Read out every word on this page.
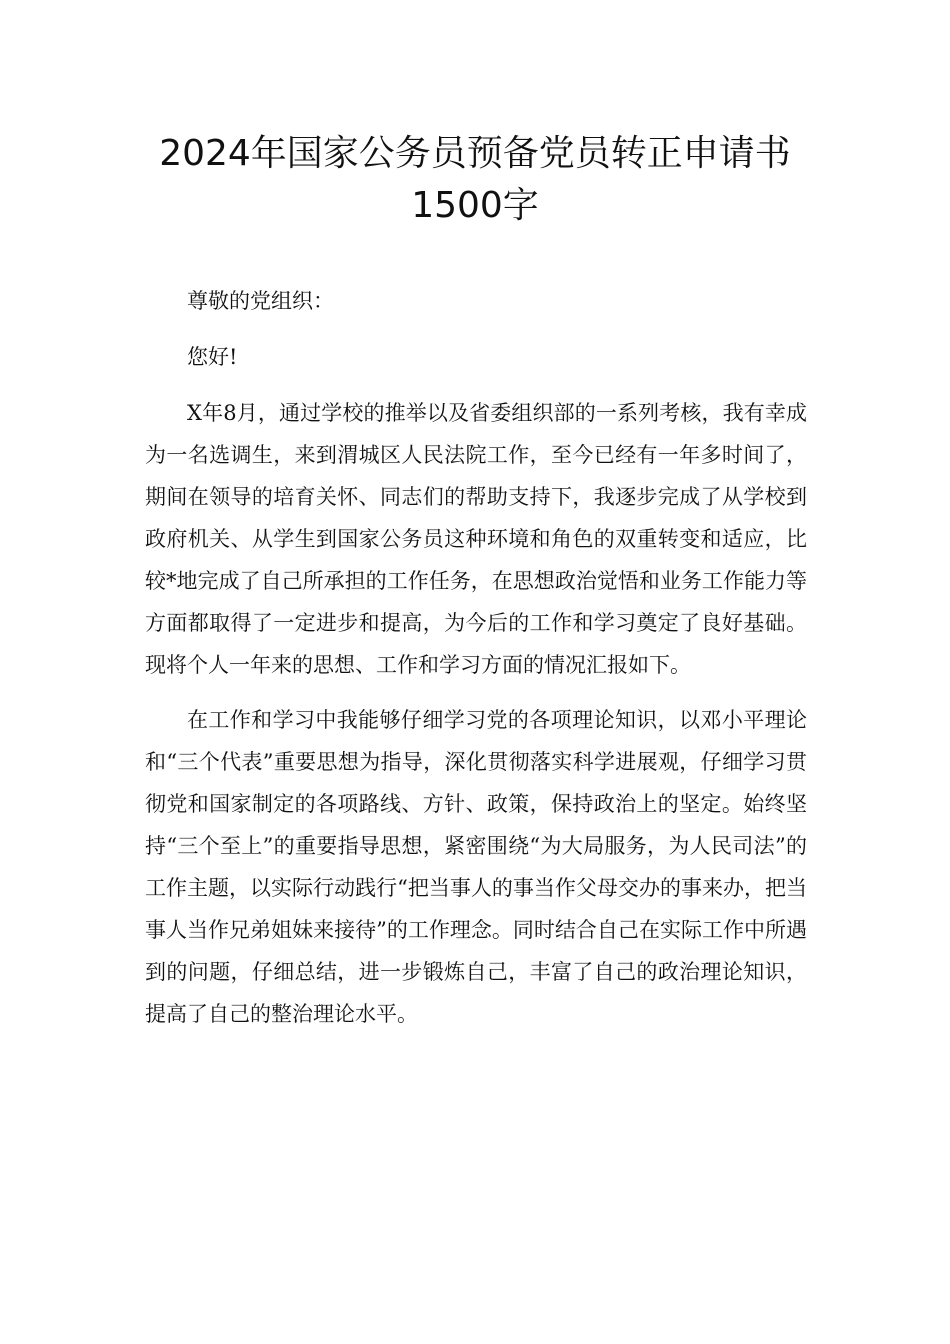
2024年国家公务员预备党员转正申请书
1500字

尊敬的党组织：

您好!

X年8月，通过学校的推举以及省委组织部的一系列考核，我有幸成为一名选调生，来到渭城区人民法院工作，至今已经有一年多时间了，期间在领导的培育关怀、同志们的帮助支持下，我逐步完成了从学校到政府机关、从学生到国家公务员这种环境和角色的双重转变和适应，比较*地完成了自己所承担的工作任务，在思想政治觉悟和业务工作能力等方面都取得了一定进步和提高，为今后的工作和学习奠定了良好基础。现将个人一年来的思想、工作和学习方面的情况汇报如下。

在工作和学习中我能够仔细学习党的各项理论知识，以邓小平理论和“三个代表”重要思想为指导，深化贯彻落实科学进展观，仔细学习贯彻党和国家制定的各项路线、方针、政策，保持政治上的坚定。始终坚持“三个至上”的重要指导思想，紧密围绕“为大局服务，为人民司法”的工作主题，以实际行动践行“把当事人的事当作父母交办的事来办，把当事人当作兄弟姐妹来接待”的工作理念。同时结合自己在实际工作中所遇到的问题，仔细总结，进一步锻炼自己，丰富了自己的政治理论知识，提高了自己的整治理论水平。
